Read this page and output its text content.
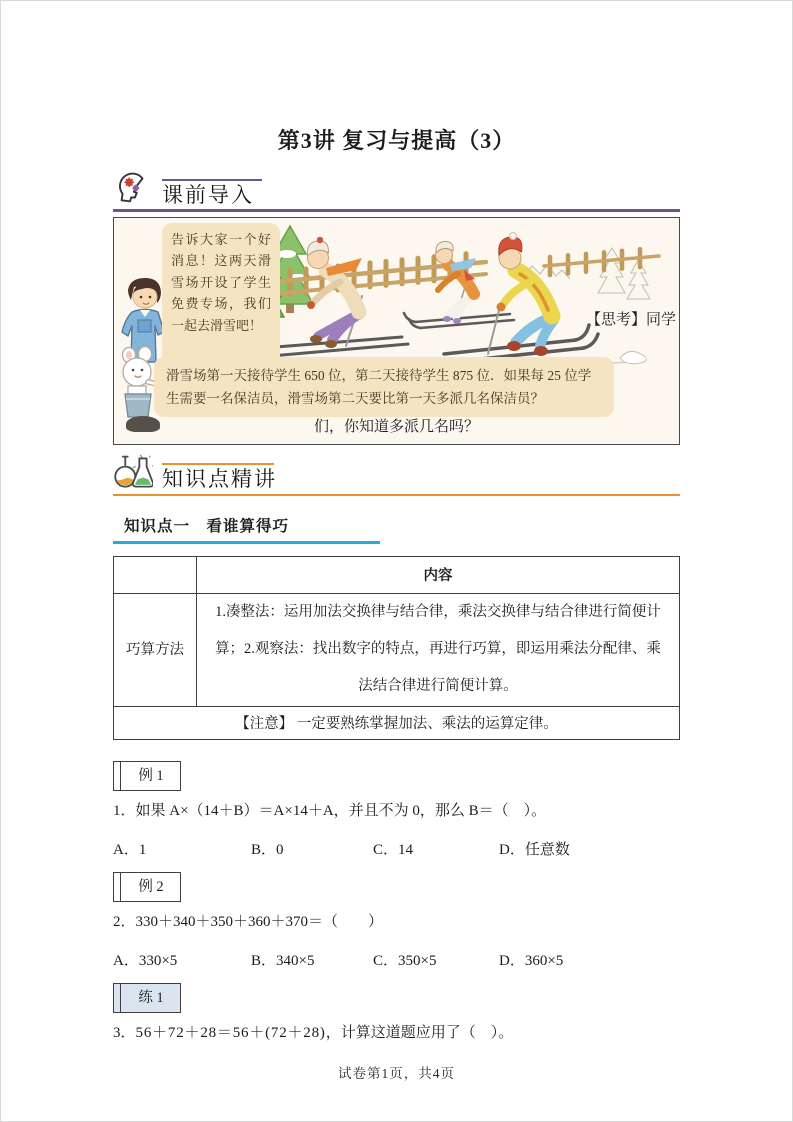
第3讲 复习与提高（3）
课前导入
告诉大家一个好消息！这两天滑雪场开设了学生免费专场，我们一起去滑雪吧！
滑雪场第一天接待学生 650 位，第二天接待学生 875 位．如果每 25 位学生需要一名保洁员，滑雪场第二天要比第一天多派几名保洁员？
【思考】同学
们，你知道多派几名吗？
知识点精讲
知识点一　看谁算得巧
	内容
巧算方法	1.凑整法：运用加法交换律与结合律，乘法交换律与结合律进行简便计算；2.观察法：找出数字的特点，再进行巧算，即运用乘法分配律、乘法结合律进行简便计算。
【注意】 一定要熟练掌握加法、乘法的运算定律。	
例 1

1．如果 A×（14＋B）＝A×14＋A，并且不为 0，那么 B＝（　）。

A．1	B．0	C．14	D．任意数
例 2

2．330＋340＋350＋360＋370＝（　　）

A．330×5	B．340×5	C．350×5	D．360×5
练 1

3．56＋72＋28＝56＋(72＋28)，计算这道题应用了（　）。

试卷第1页，共4页
